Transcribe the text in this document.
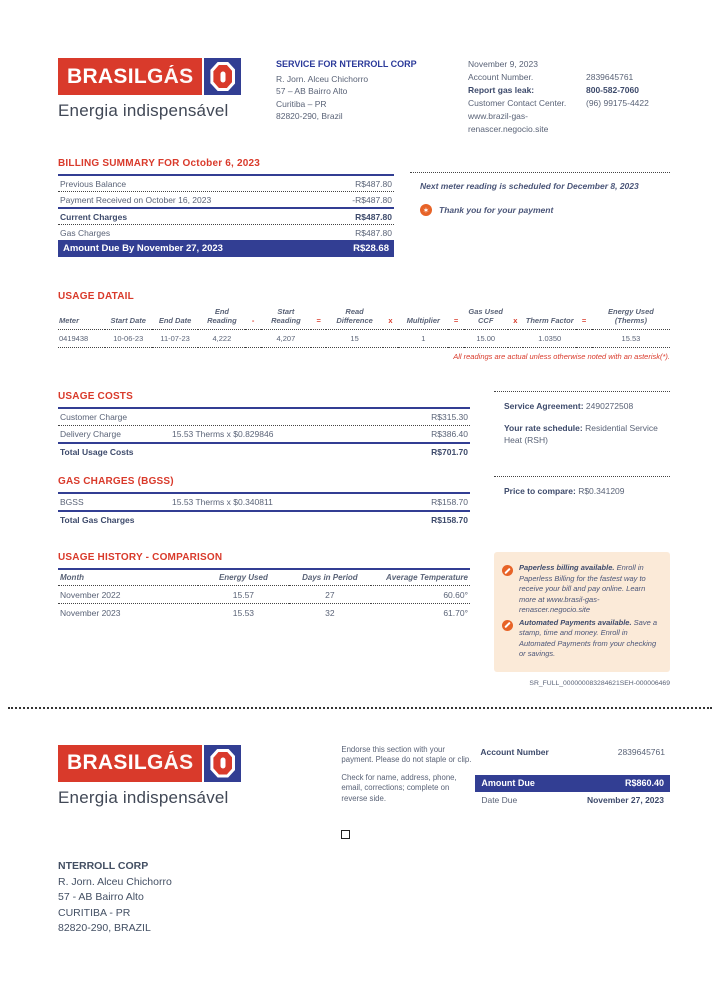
BRASIL GÁS
Energia indispensável
SERVICE FOR NTERROLL CORP
R. Jorn. Alceu Chichorro
57 – AB Bairro Alto
Curitiba – PR
82820-290, Brazil
November 9, 2023
Account Number.	2839645761
Report gas leak:	800-582-7060
Customer Contact Center.	(96) 99175-4422
www.brazil-gas-renascer.negocio.site
BILLING SUMMARY FOR October 6, 2023
Previous Balance	R$487.80
Payment Received on October 16, 2023	-R$487.80
Current Charges	R$487.80
Gas Charges	R$487.80
Amount Due By November 27, 2023	R$28.68

Next meter reading is scheduled for December 8, 2023

✶	Thank you for your payment
USAGE DATAIL
Meter	Start Date	End Date	End Reading	-	Start Reading	=	Read Difference	x	Multiplier	=	Gas Used CCF	x	Therm Factor	=	Energy Used (Therms)
0419438	10-06-23	11-07-23	4,222		4,207		15		1		15.00		1.0350		15.53
All readings are actual unless otherwise noted with an asterisk(*).
USAGE COSTS
Customer Charge	R$315.30
Delivery Charge	15.53 Therms x $0.829846	R$386.40
Total Usage Costs	R$701.70
Service Agreement: 2490272508
Your rate schedule: Residential Service Heat (RSH)
GAS CHARGES (BGSS)
BGSS	15.53 Therms x $0.340811	R$158.70
Total Gas Charges	R$158.70
Price to compare: R$0.341209
USAGE HISTORY - COMPARISON
Month	Energy Used	Days in Period	Average Temperature
November 2022	15.57	27	60.60°
November 2023	15.53	32	61.70°

Paperless billing available. Enroll in Paperless Billing for the fastest way to receive your bill and pay online. Learn more at www.brasil-gas-renascer.negocio.site

Automated Payments available. Save a stamp, time and money. Enroll in Automated Payments from your checking or savings.

SR_FULL_000000083284621SEH-000006469
BRASIL GÁS
Energia indispensável

Endorse this section with your payment. Please do not staple or clip.

Check for name, address, phone, email, corrections; complete on reverse side.

Account Number	2839645761
Amount Due	R$860.40
Date Due	November 27, 2023
NTERROLL CORP
R. Jorn. Alceu Chichorro
57 - AB Bairro Alto
CURITIBA - PR
82820-290, BRAZIL
